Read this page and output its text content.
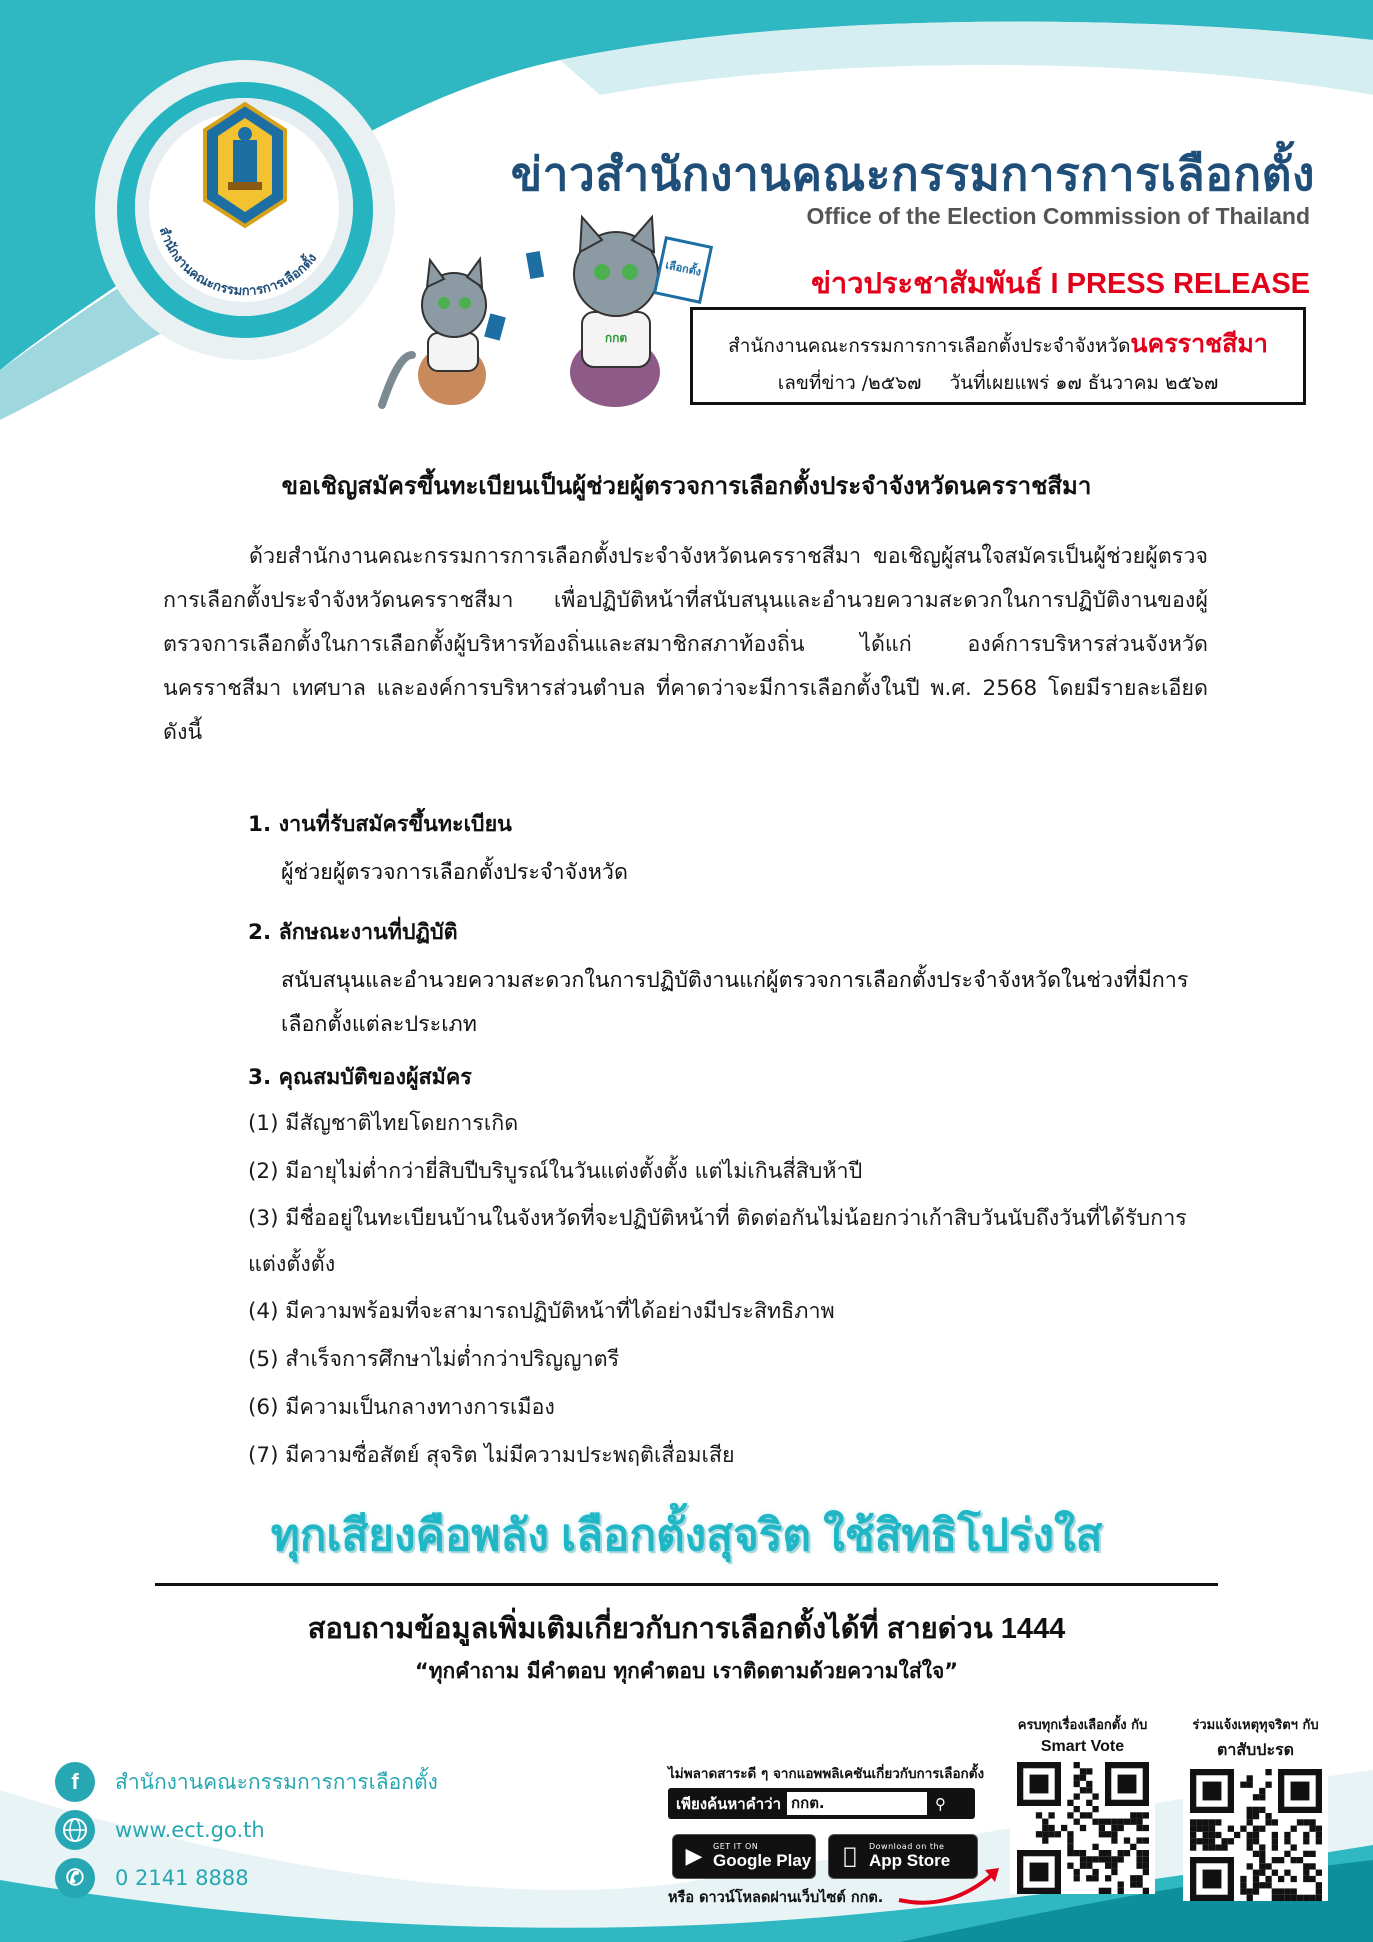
สำนักงานคณะกรรมการการเลือกตั้ง
กกต
เลือกตั้ง
ข่าวสำนักงานคณะกรรมการการเลือกตั้ง
Office of the Election Commission of Thailand
ข่าวประชาสัมพันธ์ I PRESS RELEASE
สำนักงานคณะกรรมการการเลือกตั้งประจำจังหวัดนครราชสีมา
เลขที่ข่าว /๒๕๖๗ วันที่เผยแพร่ ๑๗ ธันวาคม ๒๕๖๗
ขอเชิญสมัครขึ้นทะเบียนเป็นผู้ช่วยผู้ตรวจการเลือกตั้งประจำจังหวัดนครราชสีมา
ด้วยสำนักงานคณะกรรมการการเลือกตั้งประจำจังหวัดนครราชสีมา ขอเชิญผู้สนใจสมัครเป็นผู้ช่วยผู้ตรวจการเลือกตั้งประจำจังหวัดนครราชสีมา เพื่อปฏิบัติหน้าที่สนับสนุนและอำนวยความสะดวกในการปฏิบัติงานของผู้ตรวจการเลือกตั้งในการเลือกตั้งผู้บริหารท้องถิ่นและสมาชิกสภาท้องถิ่น ได้แก่ องค์การบริหารส่วนจังหวัดนครราชสีมา เทศบาล และองค์การบริหารส่วนตำบล ที่คาดว่าจะมีการเลือกตั้งในปี พ.ศ. 2568 โดยมีรายละเอียด ดังนี้
1. งานที่รับสมัครขึ้นทะเบียน
ผู้ช่วยผู้ตรวจการเลือกตั้งประจำจังหวัด
2. ลักษณะงานที่ปฏิบัติ
สนับสนุนและอำนวยความสะดวกในการปฏิบัติงานแก่ผู้ตรวจการเลือกตั้งประจำจังหวัดในช่วงที่มีการเลือกตั้งแต่ละประเภท
3. คุณสมบัติของผู้สมัคร
(1) มีสัญชาติไทยโดยการเกิด
(2) มีอายุไม่ต่ำกว่ายี่สิบปีบริบูรณ์ในวันแต่งตั้งตั้ง แต่ไม่เกินสี่สิบห้าปี
(3) มีชื่ออยู่ในทะเบียนบ้านในจังหวัดที่จะปฏิบัติหน้าที่ ติดต่อกันไม่น้อยกว่าเก้าสิบวันนับถึงวันที่ได้รับการแต่งตั้งตั้ง
(4) มีความพร้อมที่จะสามารถปฏิบัติหน้าที่ได้อย่างมีประสิทธิภาพ
(5) สำเร็จการศึกษาไม่ต่ำกว่าปริญญาตรี
(6) มีความเป็นกลางทางการเมือง
(7) มีความซื่อสัตย์ สุจริต ไม่มีความประพฤติเสื่อมเสีย
ทุกเสียงคือพลัง เลือกตั้งสุจริต ใช้สิทธิโปร่งใส
สอบถามข้อมูลเพิ่มเติมเกี่ยวกับการเลือกตั้งได้ที่ สายด่วน 1444
“ทุกคำถาม มีคำตอบ ทุกคำตอบ เราติดตามด้วยความใส่ใจ”
f	สำนักงานคณะกรรมการการเลือกตั้ง
www.ect.go.th
✆	0 2141 8888
ไม่พลาดสาระดี ๆ จากแอพพลิเคชันเกี่ยวกับการเลือกตั้ง
เพียงค้นหาคำว่า กกต.	⚲
▶	GET IT ON
Google Play
Download on the
App Store
หรือ ดาวน์โหลดผ่านเว็บไซต์ กกต.
ครบทุกเรื่องเลือกตั้ง กับ
Smart Vote
ร่วมแจ้งเหตุทุจริตฯ กับ
ตาสับปะรด
